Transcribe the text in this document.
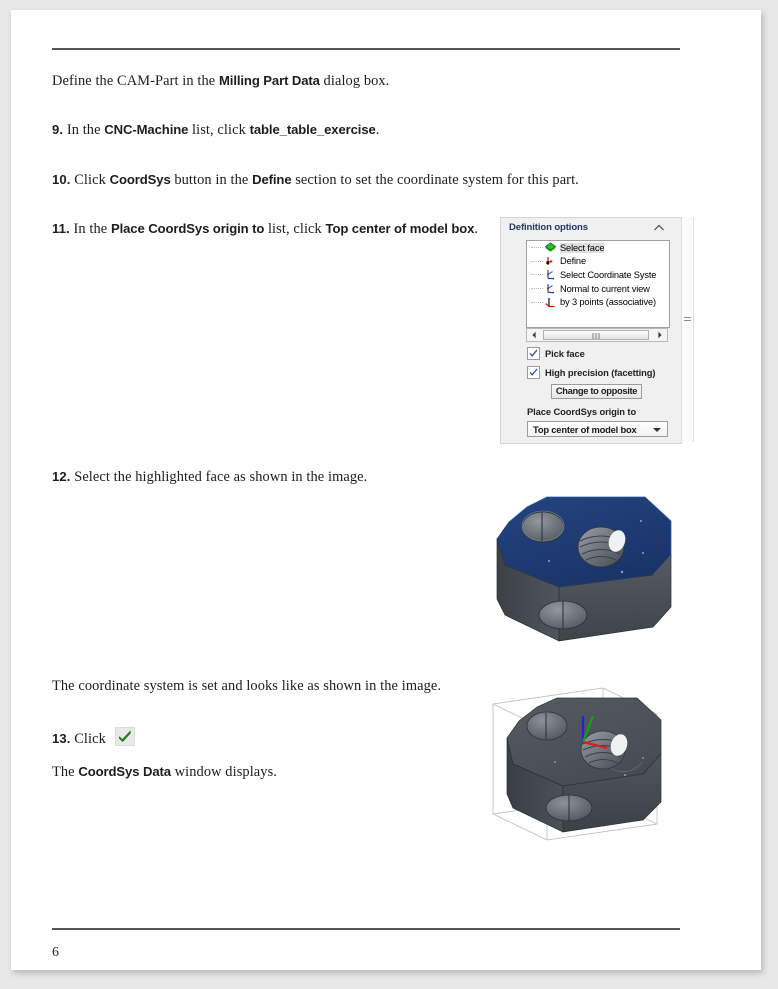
Define the CAM-Part in the Milling Part Data dialog box.
9. In the CNC-Machine list, click table_table_exercise.
10. Click CoordSys button in the Define section to set the coordinate system for this part.
11. In the Place CoordSys origin to list, click Top center of model box.
12. Select the highlighted face as shown in the image.
The coordinate system is set and looks like as shown in the image.
13. Click
The CoordSys Data window displays.
Definition options
Select face
Define
x Select Coordinate Syste
x Normal to current view
by 3 points (associative)
Pick face
High precision (facetting)
Change to opposite
Place CoordSys origin to
Top center of model box
6
